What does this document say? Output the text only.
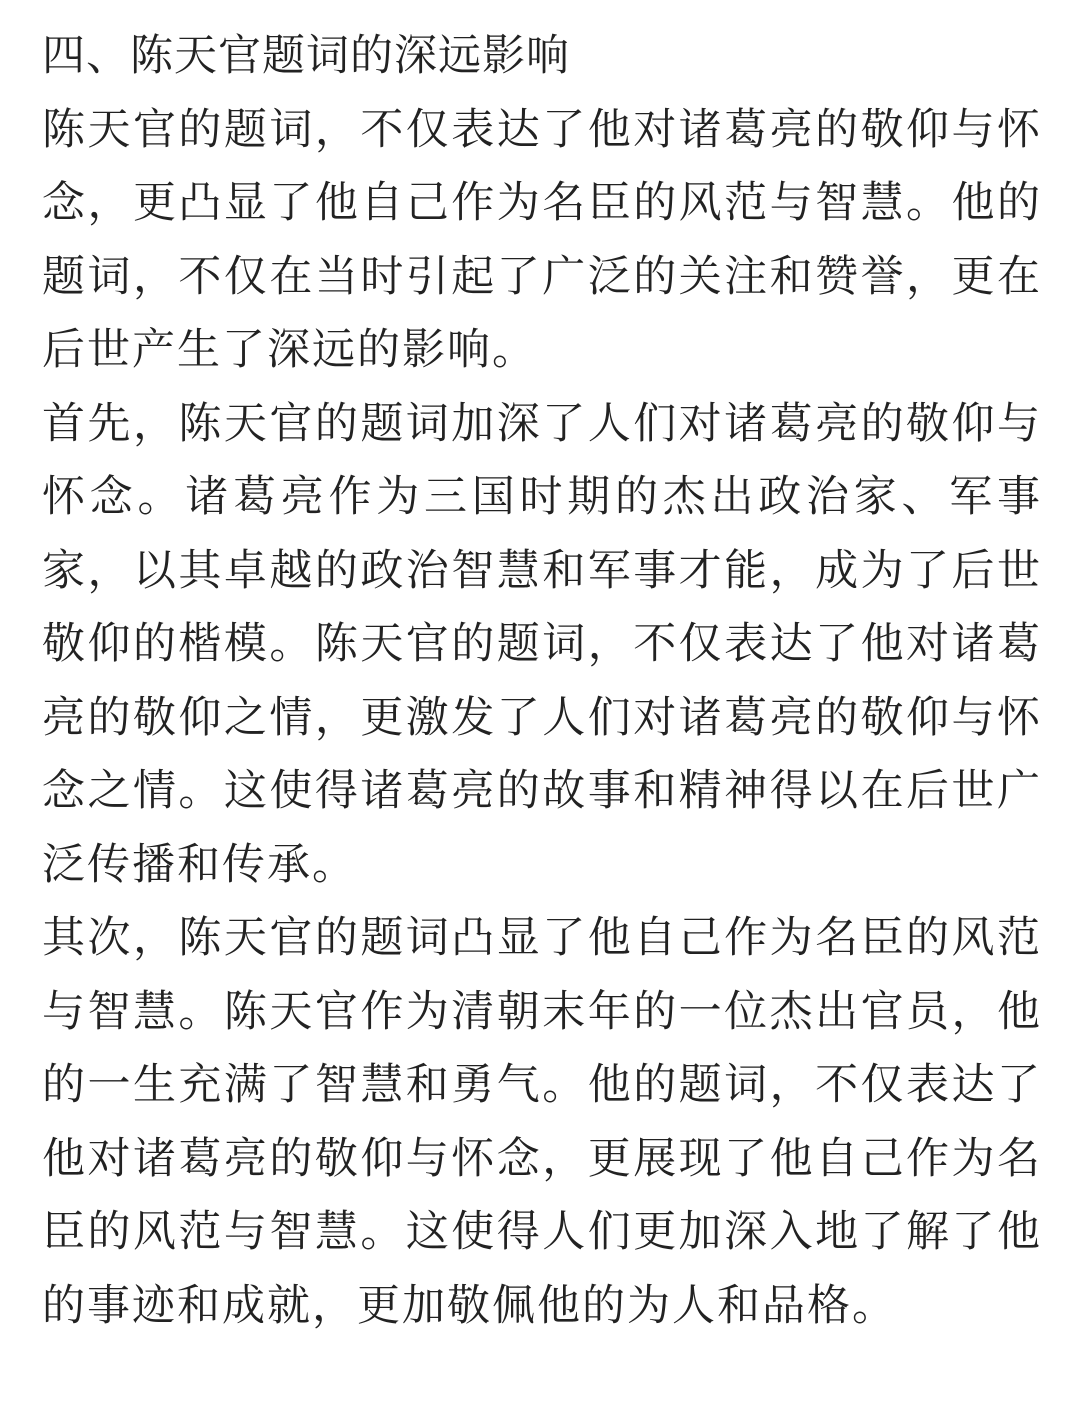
四、陈天官题词的深远影响

陈天官的题词，不仅表达了他对诸葛亮的敬仰与怀念，更凸显了他自己作为名臣的风范与智慧。他的题词，不仅在当时引起了广泛的关注和赞誉，更在后世产生了深远的影响。

首先，陈天官的题词加深了人们对诸葛亮的敬仰与怀念。诸葛亮作为三国时期的杰出政治家、军事家，以其卓越的政治智慧和军事才能，成为了后世敬仰的楷模。陈天官的题词，不仅表达了他对诸葛亮的敬仰之情，更激发了人们对诸葛亮的敬仰与怀念之情。这使得诸葛亮的故事和精神得以在后世广泛传播和传承。

其次，陈天官的题词凸显了他自己作为名臣的风范与智慧。陈天官作为清朝末年的一位杰出官员，他的一生充满了智慧和勇气。他的题词，不仅表达了他对诸葛亮的敬仰与怀念，更展现了他自己作为名臣的风范与智慧。这使得人们更加深入地了解了他的事迹和成就，更加敬佩他的为人和品格。
